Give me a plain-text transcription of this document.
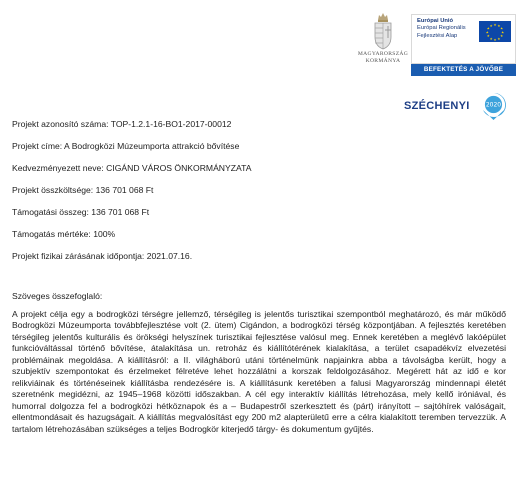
MAGYARORSZÁG KORMÁNYA
Európai Unió
Európai Regionális
Fejlesztési Alap
★ ★
★
★
★
★
★
★
★
★
★
★
BEFEKTETÉS A JÖVŐBE
SZÉCHENYI	2020
Projekt azonosító száma: TOP-1.2.1-16-BO1-2017-00012
Projekt címe: A Bodrogközi Múzeumporta attrakció bővítése
Kedvezményezett neve: CIGÁND VÁROS ÖNKORMÁNYZATA
Projekt összköltsége: 136 701 068 Ft
Támogatási összeg: 136 701 068 Ft
Támogatás mértéke: 100%
Projekt fizikai zárásának időpontja: 2021.07.16.
Szöveges összefoglaló:
A projekt célja egy a bodrogközi térségre jellemző, térségileg is jelentős turisztikai szempontból meghatározó, és már működő Bodrogközi Múzeumporta továbbfejlesztése volt (2. ütem) Cigándon, a bodrogközi térség központjában. A fejlesztés keretében térségileg jelentős kulturális és örökségi helyszínek turisztikai fejlesztése valósul meg. Ennek keretében a meglévő lakóépület funkcióváltással történő bővítése, átalakítása un. retroház és kiállítótérének kialakítása, a terület csapadékvíz elvezetési problémáinak megoldása. A kiállításról: a II. világháború utáni történelmünk napjainkra abba a távolságba került, hogy a szubjektív szempontokat és érzelmeket félretéve lehet hozzálátni a korszak feldolgozásához. Megérett hát az idő e kor relikviáinak és történéseinek kiállításba rendezésére is. A kiállításunk keretében a falusi Magyarország mindennapi életét szeretnénk megidézni, az 1945–1968 közötti időszakban. A cél egy interaktív kiállítás létrehozása, mely kellő iróniával, és humorral dolgozza fel a bodrogközi hétköznapok és a – Budapestről szerkesztett és (párt) irányított – sajtóhírek valóságait, ellentmondásait és hazugságait. A kiállítás megvalósítást egy 200 m2 alapterületű erre a célra kialakított teremben tervezzük. A tartalom létrehozásában szükséges a teljes Bodrogkör kiterjedő tárgy- és dokumentum gyűjtés.
